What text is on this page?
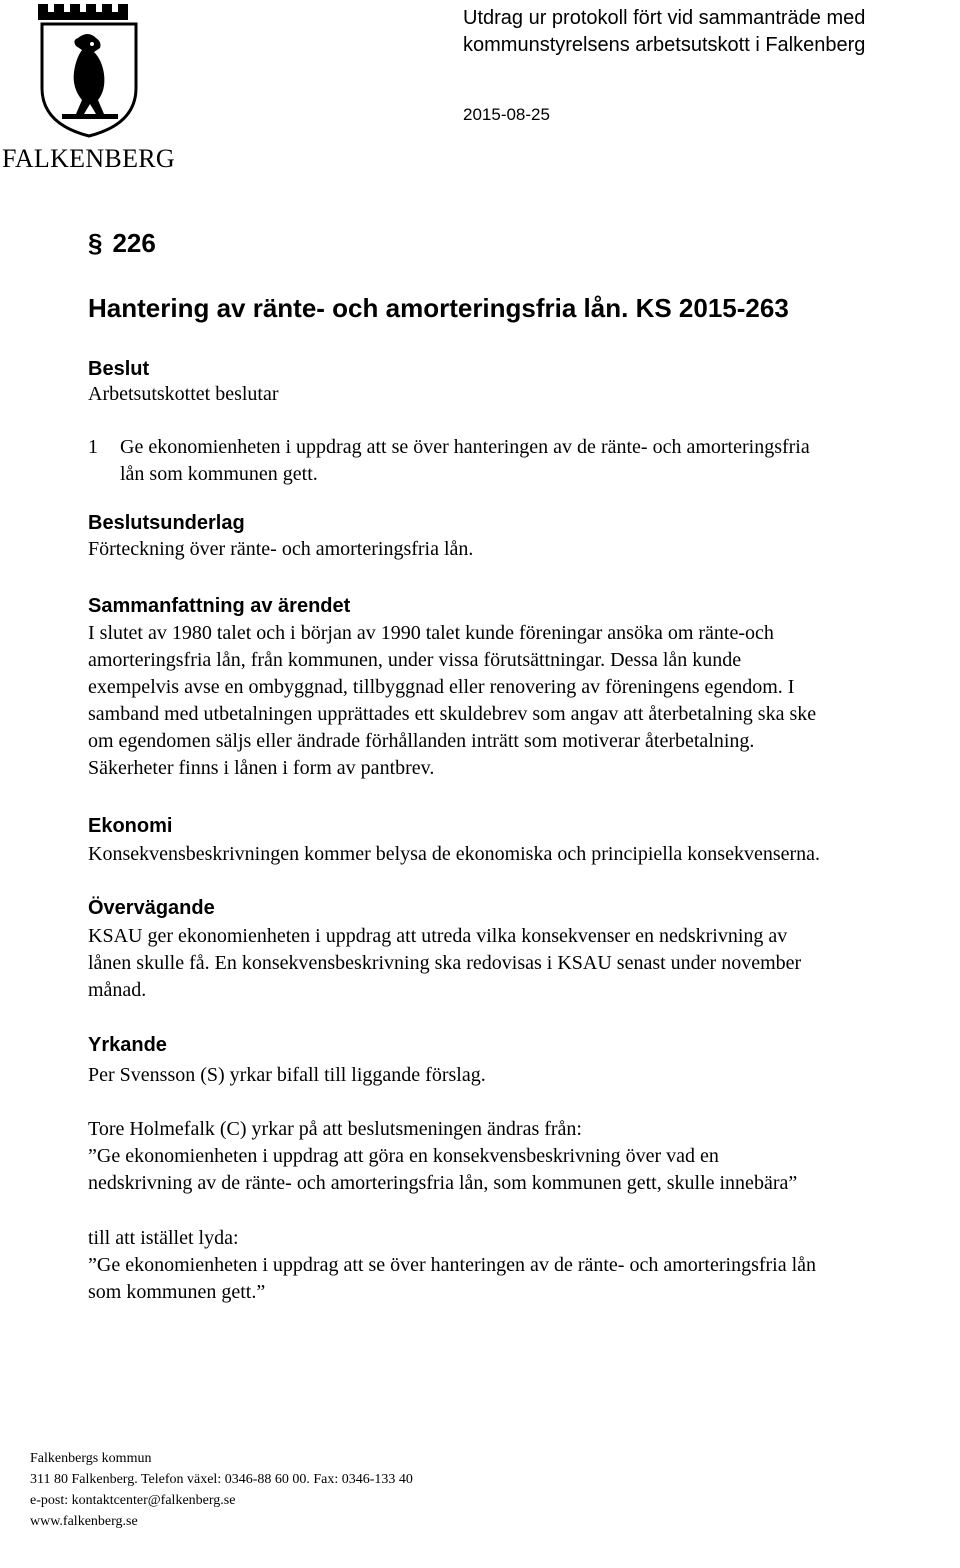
FALKENBERG
Utdrag ur protokoll fört vid sammanträde med
kommunstyrelsens arbetsutskott i Falkenberg
2015-08-25
§ 226
Hantering av ränte- och amorteringsfria lån. KS 2015-263
Beslut
Arbetsutskottet beslutar
1 Ge ekonomienheten i uppdrag att se över hanteringen av de ränte- och amorteringsfria
lån som kommunen gett.
Beslutsunderlag
Förteckning över ränte- och amorteringsfria lån.
Sammanfattning av ärendet
I slutet av 1980 talet och i början av 1990 talet kunde föreningar ansöka om ränte-och
amorteringsfria lån, från kommunen, under vissa förutsättningar. Dessa lån kunde
exempelvis avse en ombyggnad, tillbyggnad eller renovering av föreningens egendom. I
samband med utbetalningen upprättades ett skuldebrev som angav att återbetalning ska ske
om egendomen säljs eller ändrade förhållanden inträtt som motiverar återbetalning.
Säkerheter finns i lånen i form av pantbrev.
Ekonomi
Konsekvensbeskrivningen kommer belysa de ekonomiska och principiella konsekvenserna.
Övervägande
KSAU ger ekonomienheten i uppdrag att utreda vilka konsekvenser en nedskrivning av
lånen skulle få. En konsekvensbeskrivning ska redovisas i KSAU senast under november
månad.
Yrkande
Per Svensson (S) yrkar bifall till liggande förslag.
Tore Holmefalk (C) yrkar på att beslutsmeningen ändras från:
”Ge ekonomienheten i uppdrag att göra en konsekvensbeskrivning över vad en
nedskrivning av de ränte- och amorteringsfria lån, som kommunen gett, skulle innebära”
till att istället lyda:
”Ge ekonomienheten i uppdrag att se över hanteringen av de ränte- och amorteringsfria lån
som kommunen gett.”
Falkenbergs kommun
311 80 Falkenberg. Telefon växel: 0346-88 60 00. Fax: 0346-133 40
e-post: kontaktcenter@falkenberg.se
www.falkenberg.se
